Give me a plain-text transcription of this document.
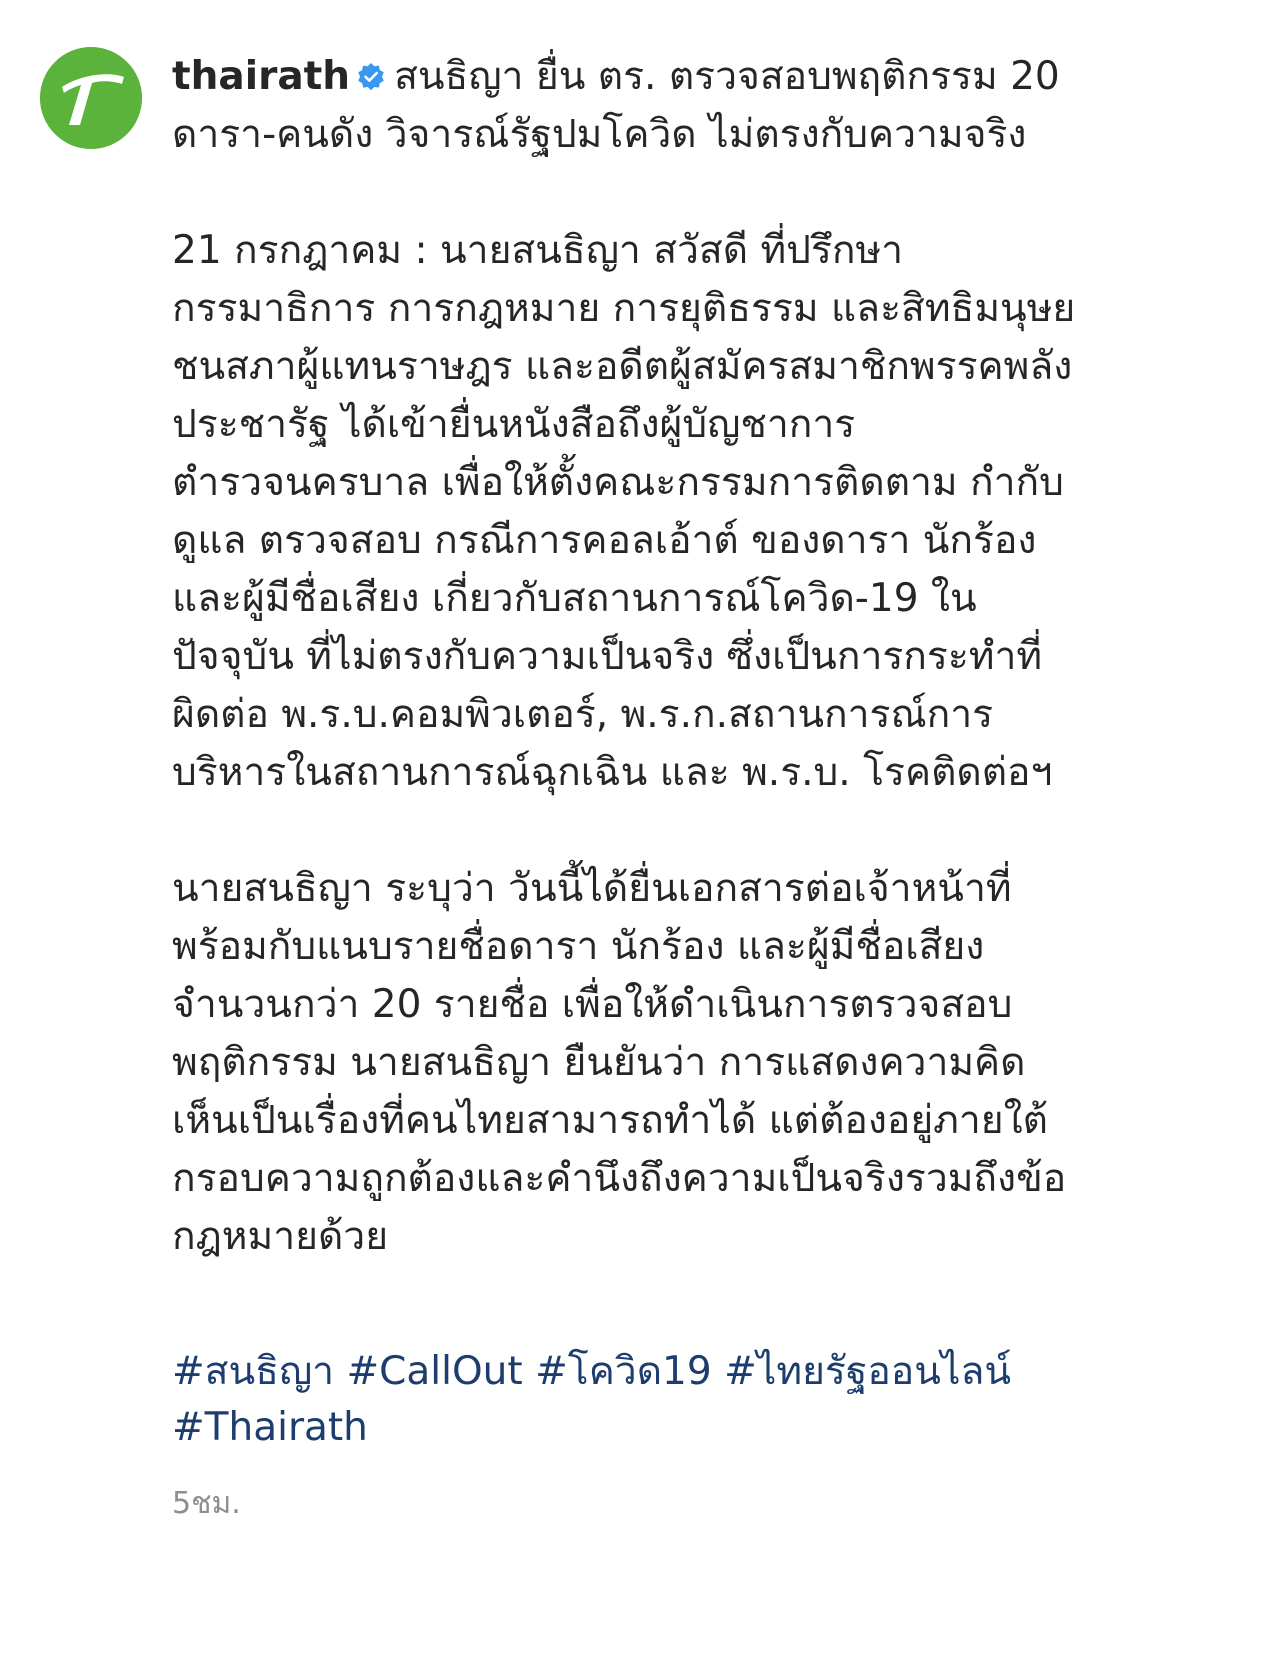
thairath สนธิญา ยื่น ตร. ตรวจสอบพฤติกรรม 20
ดารา-คนดัง วิจารณ์รัฐปมโควิด ไม่ตรงกับความจริง
21 กรกฎาคม : นายสนธิญา สวัสดี ที่ปรึกษา
กรรมาธิการ การกฎหมาย การยุติธรรม และสิทธิมนุษย
ชนสภาผู้แทนราษฎร และอดีตผู้สมัครสมาชิกพรรคพลัง
ประชารัฐ ได้เข้ายื่นหนังสือถึงผู้บัญชาการ
ตำรวจนครบาล เพื่อให้ตั้งคณะกรรมการติดตาม กำกับ
ดูแล ตรวจสอบ กรณีการคอลเอ้าต์ ของดารา นักร้อง
และผู้มีชื่อเสียง เกี่ยวกับสถานการณ์โควิด-19 ใน
ปัจจุบัน ที่ไม่ตรงกับความเป็นจริง ซึ่งเป็นการกระทำที่
ผิดต่อ พ.ร.บ.คอมพิวเตอร์, พ.ร.ก.สถานการณ์การ
บริหารในสถานการณ์ฉุกเฉิน และ พ.ร.บ. โรคติดต่อฯ
นายสนธิญา ระบุว่า วันนี้ได้ยื่นเอกสารต่อเจ้าหน้าที่
พร้อมกับแนบรายชื่อดารา นักร้อง และผู้มีชื่อเสียง
จำนวนกว่า 20 รายชื่อ เพื่อให้ดำเนินการตรวจสอบ
พฤติกรรม นายสนธิญา ยืนยันว่า การแสดงความคิด
เห็นเป็นเรื่องที่คนไทยสามารถทำได้ แต่ต้องอยู่ภายใต้
กรอบความถูกต้องและคำนึงถึงความเป็นจริงรวมถึงข้อ
กฎหมายด้วย
#สนธิญา #CallOut #โควิด19 #ไทยรัฐออนไลน์
#Thairath
5ชม.
